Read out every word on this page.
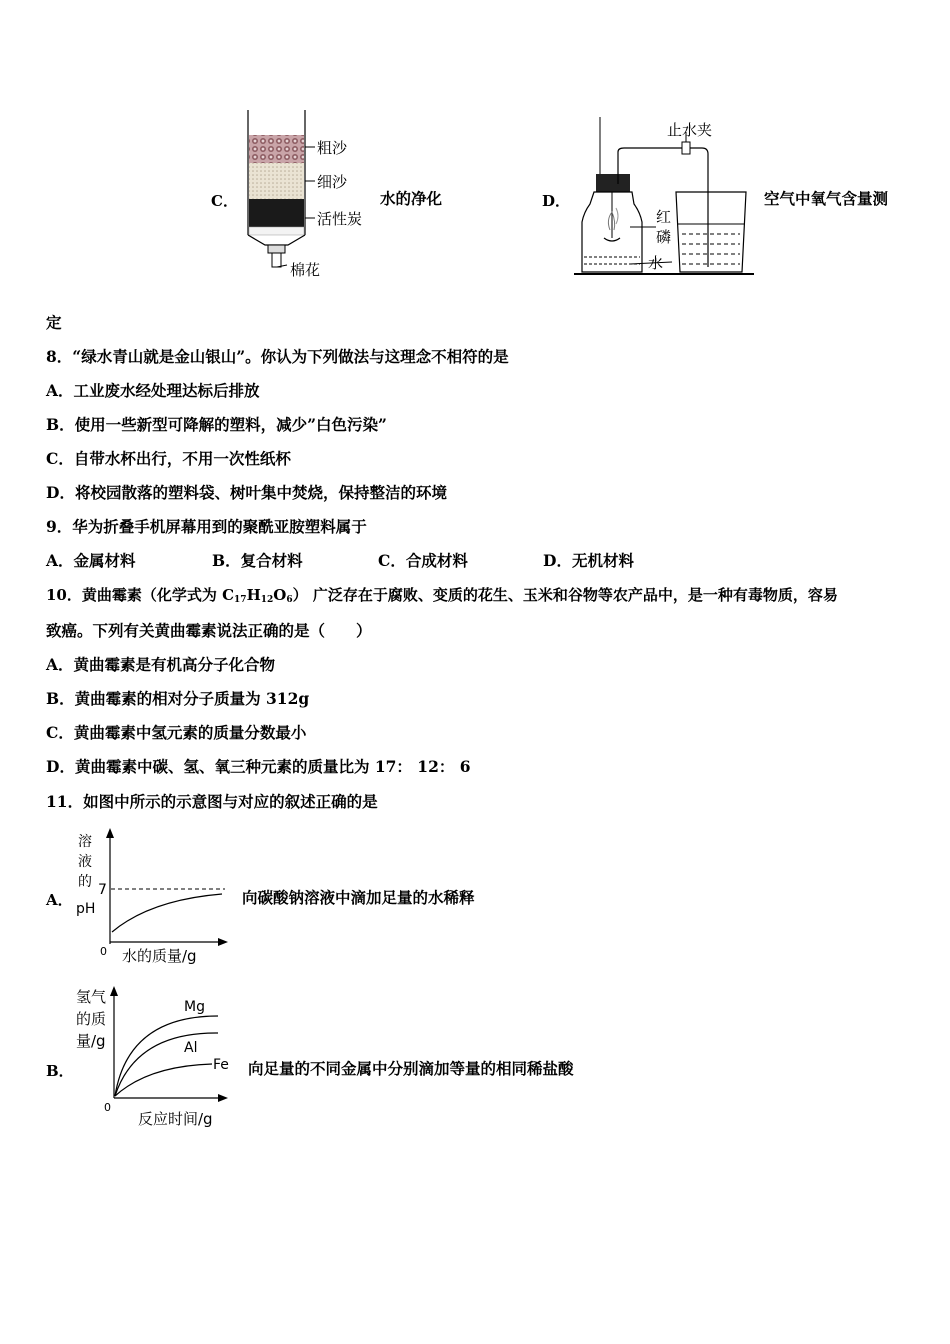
C．
粗沙
细沙
活性炭
棉花
水的净化	D．
止水夹
红
磷
水
空气中氧气含量测
定
8．“绿水青山就是金山银山”。你认为下列做法与这理念不相符的是
A．工业废水经处理达标后排放
B．使用一些新型可降解的塑料，减少”白色污染”
C．自带水杯出行，不用一次性纸杯
D．将校园散落的塑料袋、树叶集中焚烧，保持整洁的环境
9．华为折叠手机屏幕用到的聚酰亚胺塑料属于
A．金属材料	B．复合材料	C．合成材料	D．无机材料
10．黄曲霉素（化学式为 $C_{17}H_{12}O_6$） 广泛存在于腐败、变质的花生、玉米和谷物等农产品中，是一种有毒物质，容易
致癌。下列有关黄曲霉素说法正确的是（　　）
A．黄曲霉素是有机高分子化合物
B．黄曲霉素的相对分子质量为 312g
C．黄曲霉素中氢元素的质量分数最小
D．黄曲霉素中碳、氢、氧三种元素的质量比为 17： 12： 6
11．如图中所示的示意图与对应的叙述正确的是
A．
溶
液
的
pH
7
0 水的质量/g
向碳酸钠溶液中滴加足量的水稀释
B．
氢气
的质
量/g
0
Mg
Al
Fe
反应时间/g
向足量的不同金属中分别滴加等量的相同稀盐酸
